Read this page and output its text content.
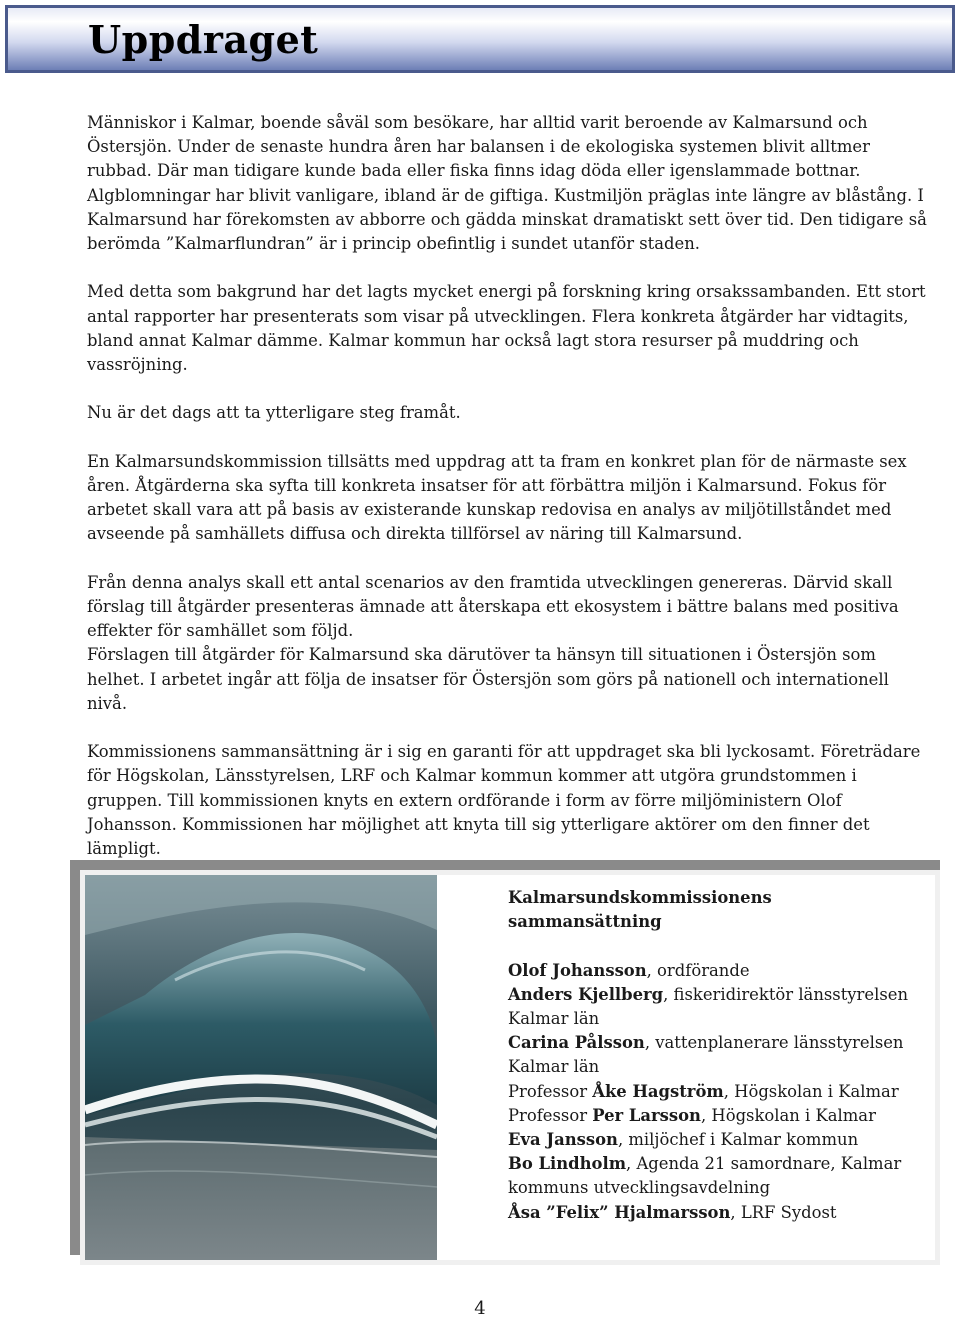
Uppdraget

Människor i Kalmar, boende såväl som besökare, har alltid varit beroende av Kalmarsund och Östersjön. Under de senaste hundra åren har balansen i de ekologiska systemen blivit alltmer rubbad. Där man tidigare kunde bada eller fiska finns idag döda eller igenslammade bottnar. Algblomningar har blivit vanligare, ibland är de giftiga. Kustmiljön präglas inte längre av blåstång. I Kalmarsund har förekomsten av abborre och gädda minskat dramatiskt sett över tid. Den tidigare så berömda ”Kalmarflundran” är i princip obefintlig i sundet utanför staden.

Med detta som bakgrund har det lagts mycket energi på forskning kring orsakssambanden. Ett stort antal rapporter har presenterats som visar på utvecklingen. Flera konkreta åtgärder har vidtagits, bland annat Kalmar dämme. Kalmar kommun har också lagt stora resurser på muddring och vassröjning.

Nu är det dags att ta ytterligare steg framåt.

En Kalmarsundskommission tillsätts med uppdrag att ta fram en konkret plan för de närmaste sex åren. Åtgärderna ska syfta till konkreta insatser för att förbättra miljön i Kalmarsund. Fokus för arbetet skall vara att på basis av existerande kunskap redovisa en analys av miljötillståndet med avseende på samhällets diffusa och direkta tillförsel av näring till Kalmarsund.

Från denna analys skall ett antal scenarios av den framtida utvecklingen genereras. Därvid skall förslag till åtgärder presenteras ämnade att återskapa ett ekosystem i bättre balans med positiva effekter för samhället som följd.

Förslagen till åtgärder för Kalmarsund ska därutöver ta hänsyn till situationen i Östersjön som helhet. I arbetet ingår att följa de insatser för Östersjön som görs på nationell och internationell nivå.

Kommissionens sammansättning är i sig en garanti för att uppdraget ska bli lyckosamt. Företrädare för Högskolan, Länsstyrelsen, LRF och Kalmar kommun kommer att utgöra grundstommen i gruppen. Till kommissionen knyts en extern ordförande i form av förre miljöministern Olof Johansson. Kommissionen har möjlighet att knyta till sig ytterligare aktörer om den finner det lämpligt.

Kalmarsundskommissionens sammansättning
Olof Johansson, ordförande
Anders Kjellberg, fiskeridirektör länsstyrelsen Kalmar län
Carina Pålsson, vattenplanerare länsstyrelsen Kalmar län
Professor Åke Hagström, Högskolan i Kalmar
Professor Per Larsson, Högskolan i Kalmar
Eva Jansson, miljöchef i Kalmar kommun
Bo Lindholm, Agenda 21 samordnare, Kalmar kommuns utvecklingsavdelning
Åsa ”Felix” Hjalmarsson, LRF Sydost
4
